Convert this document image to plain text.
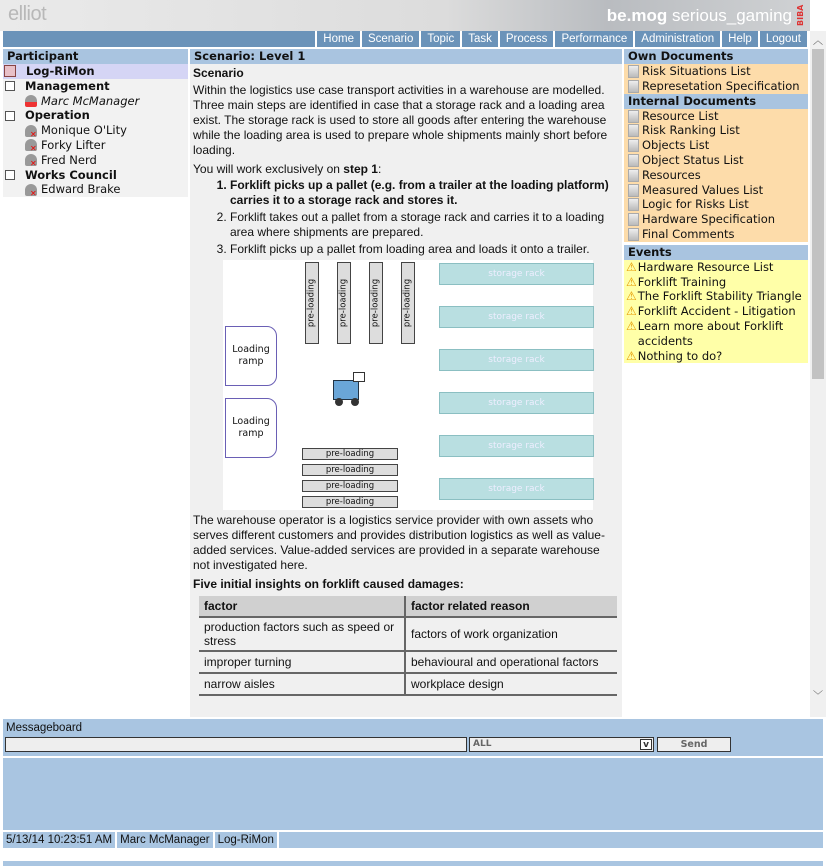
elliot	be.mog serious_gaming BIBA
Home	Scenario	Topic	Task	Process	Performance	Administration	Help	Logout
Participant
Log-RiMon
Management
Marc McManager
Operation
✕
Monique O'Lity
✕
Forky Lifter
✕
Fred Nerd
Works Council
✕
Edward Brake
Scenario: Level 1

Scenario

Within the logistics use case transport activities in a warehouse are modelled. Three main steps are identified in case that a storage rack and a loading area exist. The storage rack is used to store all goods after entering the warehouse while the loading area is used to prepare whole shipments mainly short before loading.

You will work exclusively on step 1:

1. Forklift picks up a pallet (e.g. from a trailer at the loading platform) carries it to a storage rack and stores it.
2. Forklift takes out a pallet from a storage rack and carries it to a loading area where shipments are prepared.
3. Forklift picks up a pallet from loading area and loads it onto a trailer.
Loading ramp
Loading ramp
pre-loading	pre-loading	pre-loading	pre-loading
pre-loading
pre-loading
pre-loading
pre-loading
storage rack
storage rack
storage rack
storage rack
storage rack
storage rack

The warehouse operator is a logistics service provider with own assets who serves different customers and provides distribution logistics as well as value-added services. Value-added services are provided in a separate warehouse not investigated here.

Five initial insights on forklift caused damages:

factor	factor related reason
production factors such as speed or stress	factors of work organization
improper turning	behavioural and operational factors
narrow aisles	workplace design
Own Documents
Risk Situations List
Represetation Specification
Internal Documents
Resource List
Risk Ranking List
Objects List
Object Status List
Resources
Measured Values List
Logic for Risks List
Hardware Specification
Final Comments
Events
⚠ Hardware Resource List
⚠ Forklift Training
⚠ The Forklift Stability Triangle
⚠ Forklift Accident - Litigation
⚠ Learn more about Forklift accidents
⚠ Nothing to do?
︿
﹀
Messageboard
ALL	v	Send
5/13/14 10:23:51 AM Marc McManager Log-RiMon
